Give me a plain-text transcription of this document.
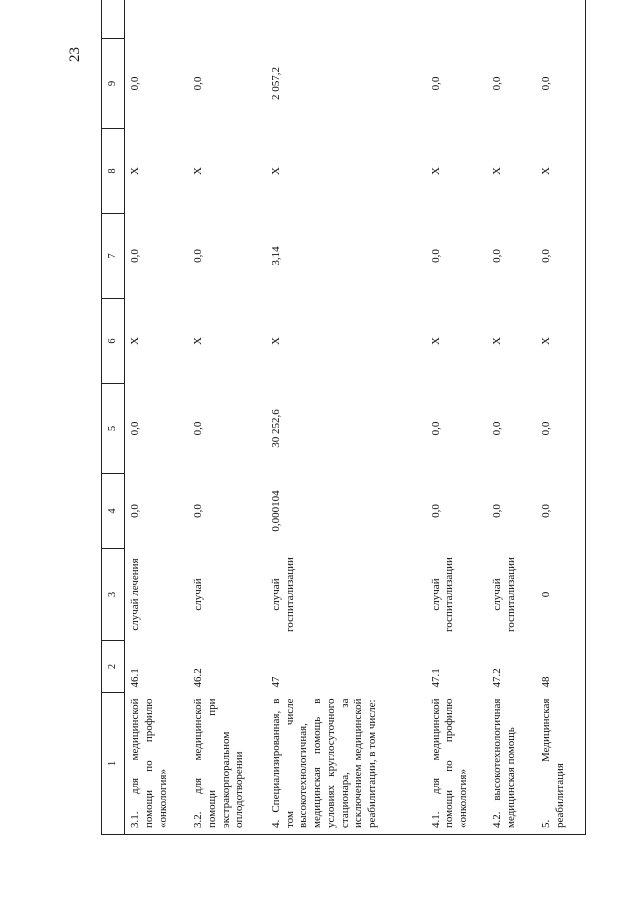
23
1	2	3	4	5	6	7	8	9	
3.1. для медицинской помощи по профилю «онкология»	46.1	случай лечения	0,0	0,0	X	0,0	X	0,0	
3.2. для медицинской помощи при экстракорпоральном оплодотворении	46.2	случай	0,0	0,0	X	0,0	X	0,0	
4. Специализированная, в том числе высокотехнологичная, медицинская помощь в условиях круглосуточного стационара, за исключением медицинской реабилитации, в том числе:	47	случай госпитализации	0,000104	30 252,6	X	3,14	X	2 057,2	
4.1. для медицинской помощи по профилю «онкология»	47.1	случай госпитализации	0,0	0,0	X	0,0	X	0,0	
4.2. высокотехнологичная медицинская помощь	47.2	случай госпитализации	0,0	0,0	X	0,0	X	0,0	
5. Медицинская реабилитация	48	0	0,0	0,0	X	0,0	X	0,0	
